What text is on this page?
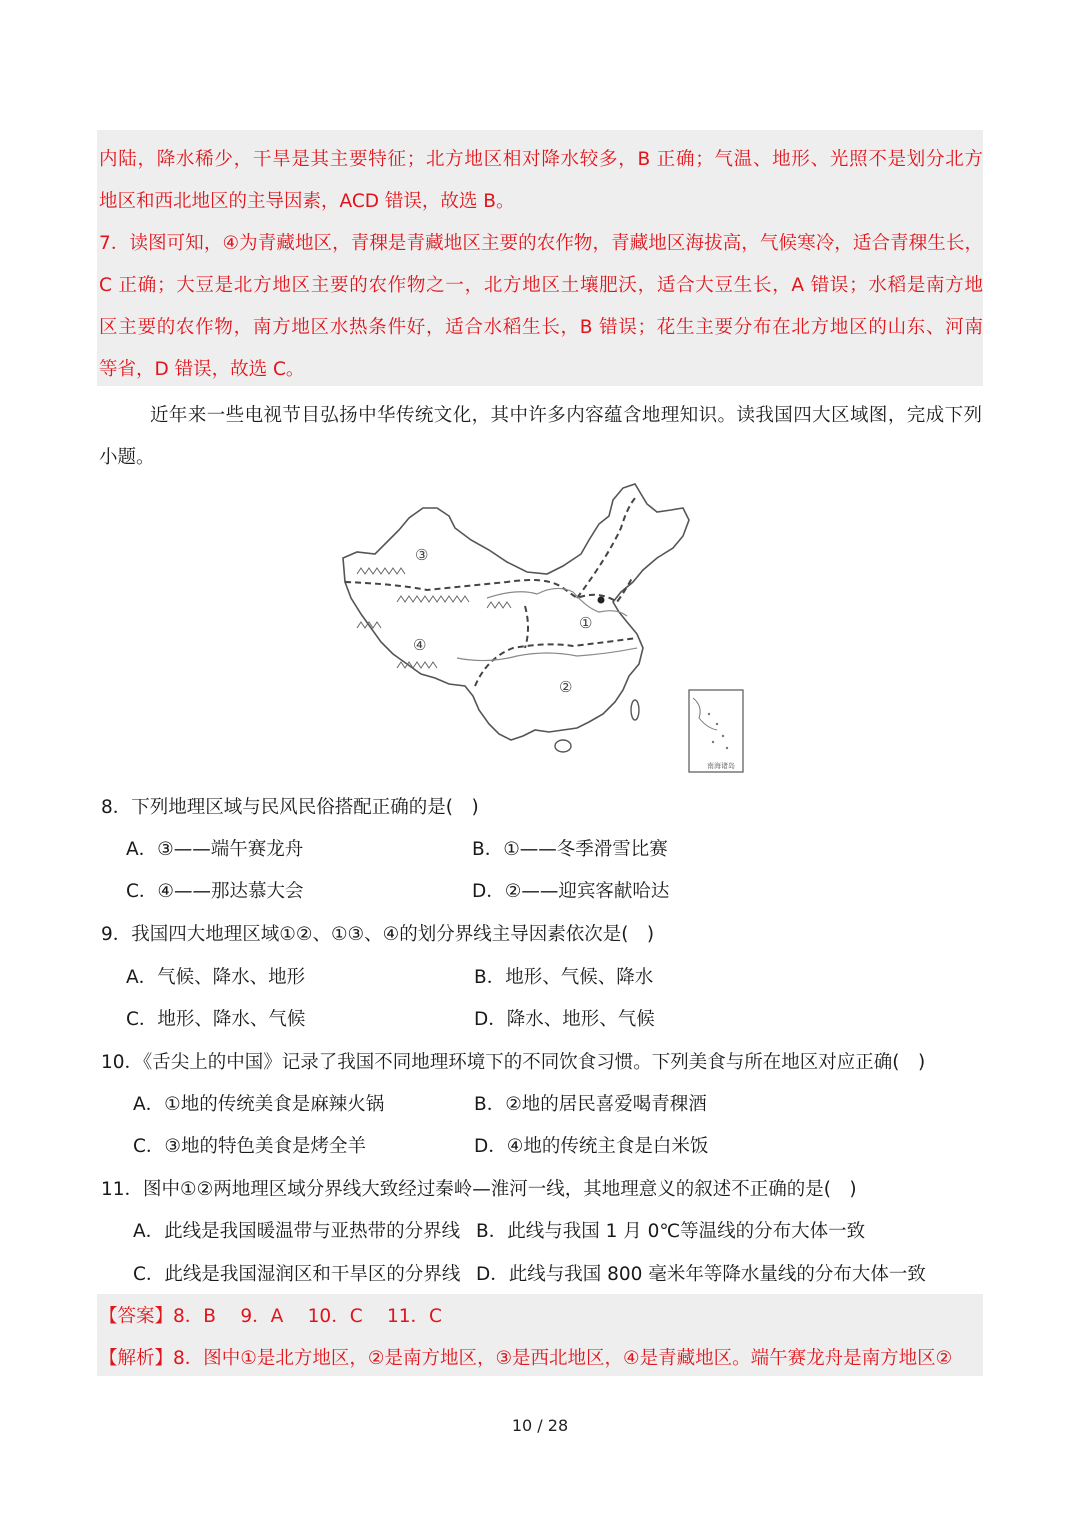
内陆，降水稀少，干旱是其主要特征；北方地区相对降水较多，B 正确；气温、地形、光照不是划分北方
地区和西北地区的主导因素，ACD 错误，故选 B。
7．读图可知，④为青藏地区，青稞是青藏地区主要的农作物，青藏地区海拔高，气候寒冷，适合青稞生长，
C 正确；大豆是北方地区主要的农作物之一，北方地区土壤肥沃，适合大豆生长，A 错误；水稻是南方地
区主要的农作物，南方地区水热条件好，适合水稻生长，B 错误；花生主要分布在北方地区的山东、河南
等省，D 错误，故选 C。
近年来一些电视节目弘扬中华传统文化，其中许多内容蕴含地理知识。读我国四大区域图，完成下列
小题。
③
④
①
②
南海诸岛
8．下列地理区域与民风民俗搭配正确的是(　)
A．③——端午赛龙舟	B．①——冬季滑雪比赛
C．④——那达慕大会	D．②——迎宾客献哈达
9．我国四大地理区域①②、①③、④的划分界线主导因素依次是(　)
A．气候、降水、地形	B．地形、气候、降水
C．地形、降水、气候	D．降水、地形、气候
10．《舌尖上的中国》记录了我国不同地理环境下的不同饮食习惯。下列美食与所在地区对应正确(　)
A．①地的传统美食是麻辣火锅	B．②地的居民喜爱喝青稞酒
C．③地的特色美食是烤全羊	D．④地的传统主食是白米饭
11．图中①②两地理区域分界线大致经过秦岭—淮河一线，其地理意义的叙述不正确的是(　)
A．此线是我国暖温带与亚热带的分界线 B．此线与我国 1 月 0℃等温线的分布大体一致
C．此线是我国湿润区和干旱区的分界线 D．此线与我国 800 毫米年等降水量线的分布大体一致
【答案】8．B　 9．A　 10．C　 11．C
【解析】8．图中①是北方地区，②是南方地区，③是西北地区，④是青藏地区。端午赛龙舟是南方地区②
10 / 28
